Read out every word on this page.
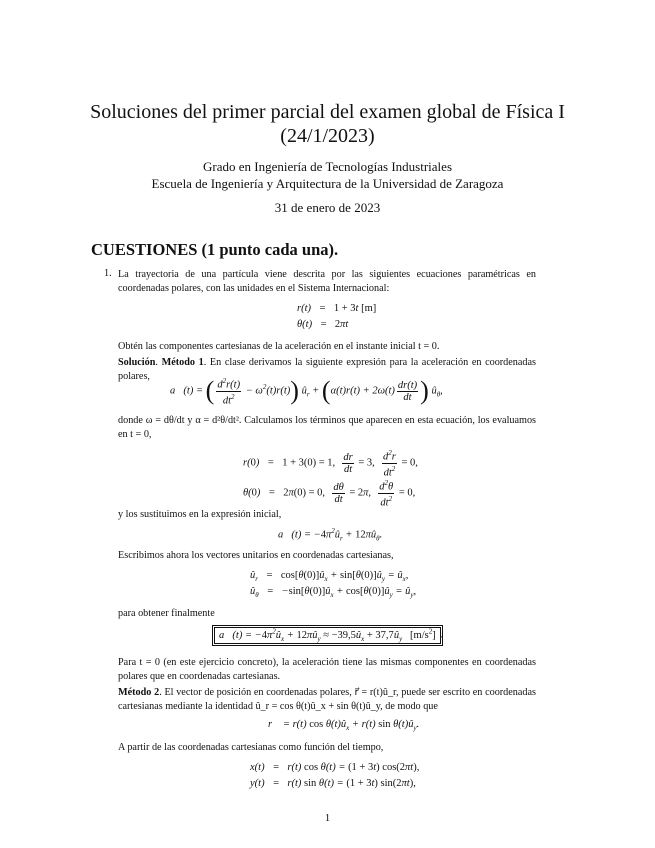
Soluciones del primer parcial del examen global de Física I
(24/1/2023)
Grado en Ingeniería de Tecnologías Industriales
Escuela de Ingeniería y Arquitectura de la Universidad de Zaragoza
31 de enero de 2023
CUESTIONES (1 punto cada una).
1. La trayectoria de una partícula viene descrita por las siguientes ecuaciones paramétricas en coordenadas polares, con las unidades en el Sistema Internacional:
r(t)   =   1 + 3t [m]
θ(t)   =   2πt
Obtén las componentes cartesianas de la aceleración en el instante inicial t = 0.
Solución. Método 1. En clase derivamos la siguiente expresión para la aceleración en coordenadas polares,
a⃗(t) = ( $\frac{d^2r(t)}{dt^2} - \omega^2(t)r(t)$) $û_r + (\alpha(t)r(t) + 2\omega(t) \frac{dr(t)}{dt}$ ) $û_\theta$,
donde ω = dθ/dt y α = d²θ/dt². Calculamos los términos que aparecen en esta ecuación, los evaluamos en t = 0,
r(0)   =   1 + 3(0) = 1, $\frac{dr}{dt} = 3$, $\frac{d^2r}{dt^2} = 0$,
θ(0)   =   2π(0) = 0, $\frac{d\theta}{dt} = 2\pi$, $\frac{d^2\theta}{dt^2} = 0$,
y los sustituimos en la expresión inicial,
a⃗(t) = $-4\pi^2û_r$ + $12\pi û_\theta$.
Escribimos ahora los vectores unitarios en coordenadas cartesianas,
$û_r$   =   $\cos[\theta(0)]û_x$ + $\sin[\theta(0)]û_y$ = $û_x$,
$û_\theta$   =   $-\sin[\theta(0)]û_x$ + $\cos[\theta(0)]û_y$ = $û_y$,
para obtener finalmente
a⃗(t) = $-4\pi^2û_x$ + $12\pi û_y$ ≈ $-39,5û_x$ + $37,7û_y$ $[m/s^2]$ .
Para t = 0 (en este ejercicio concreto), la aceleración tiene las mismas componentes en coordenadas polares que en coordenadas cartesianas.
Método 2. El vector de posición en coordenadas polares, r⃗ = r(t)û_r, puede ser escrito en coordenadas cartesianas mediante la identidad û_r = cos θ(t)û_x + sin θ(t)û_y, de modo que
r⃗ = r(t) $\cos \theta(t)û_x + r(t)$ $\sin \theta(t)û_y$.
A partir de las coordenadas cartesianas como función del tiempo,
x(t)   =   r(t) cos θ(t) = (1 + 3t) cos(2πt),
y(t)   =   r(t) sin θ(t) = (1 + 3t) sin(2πt),
1
